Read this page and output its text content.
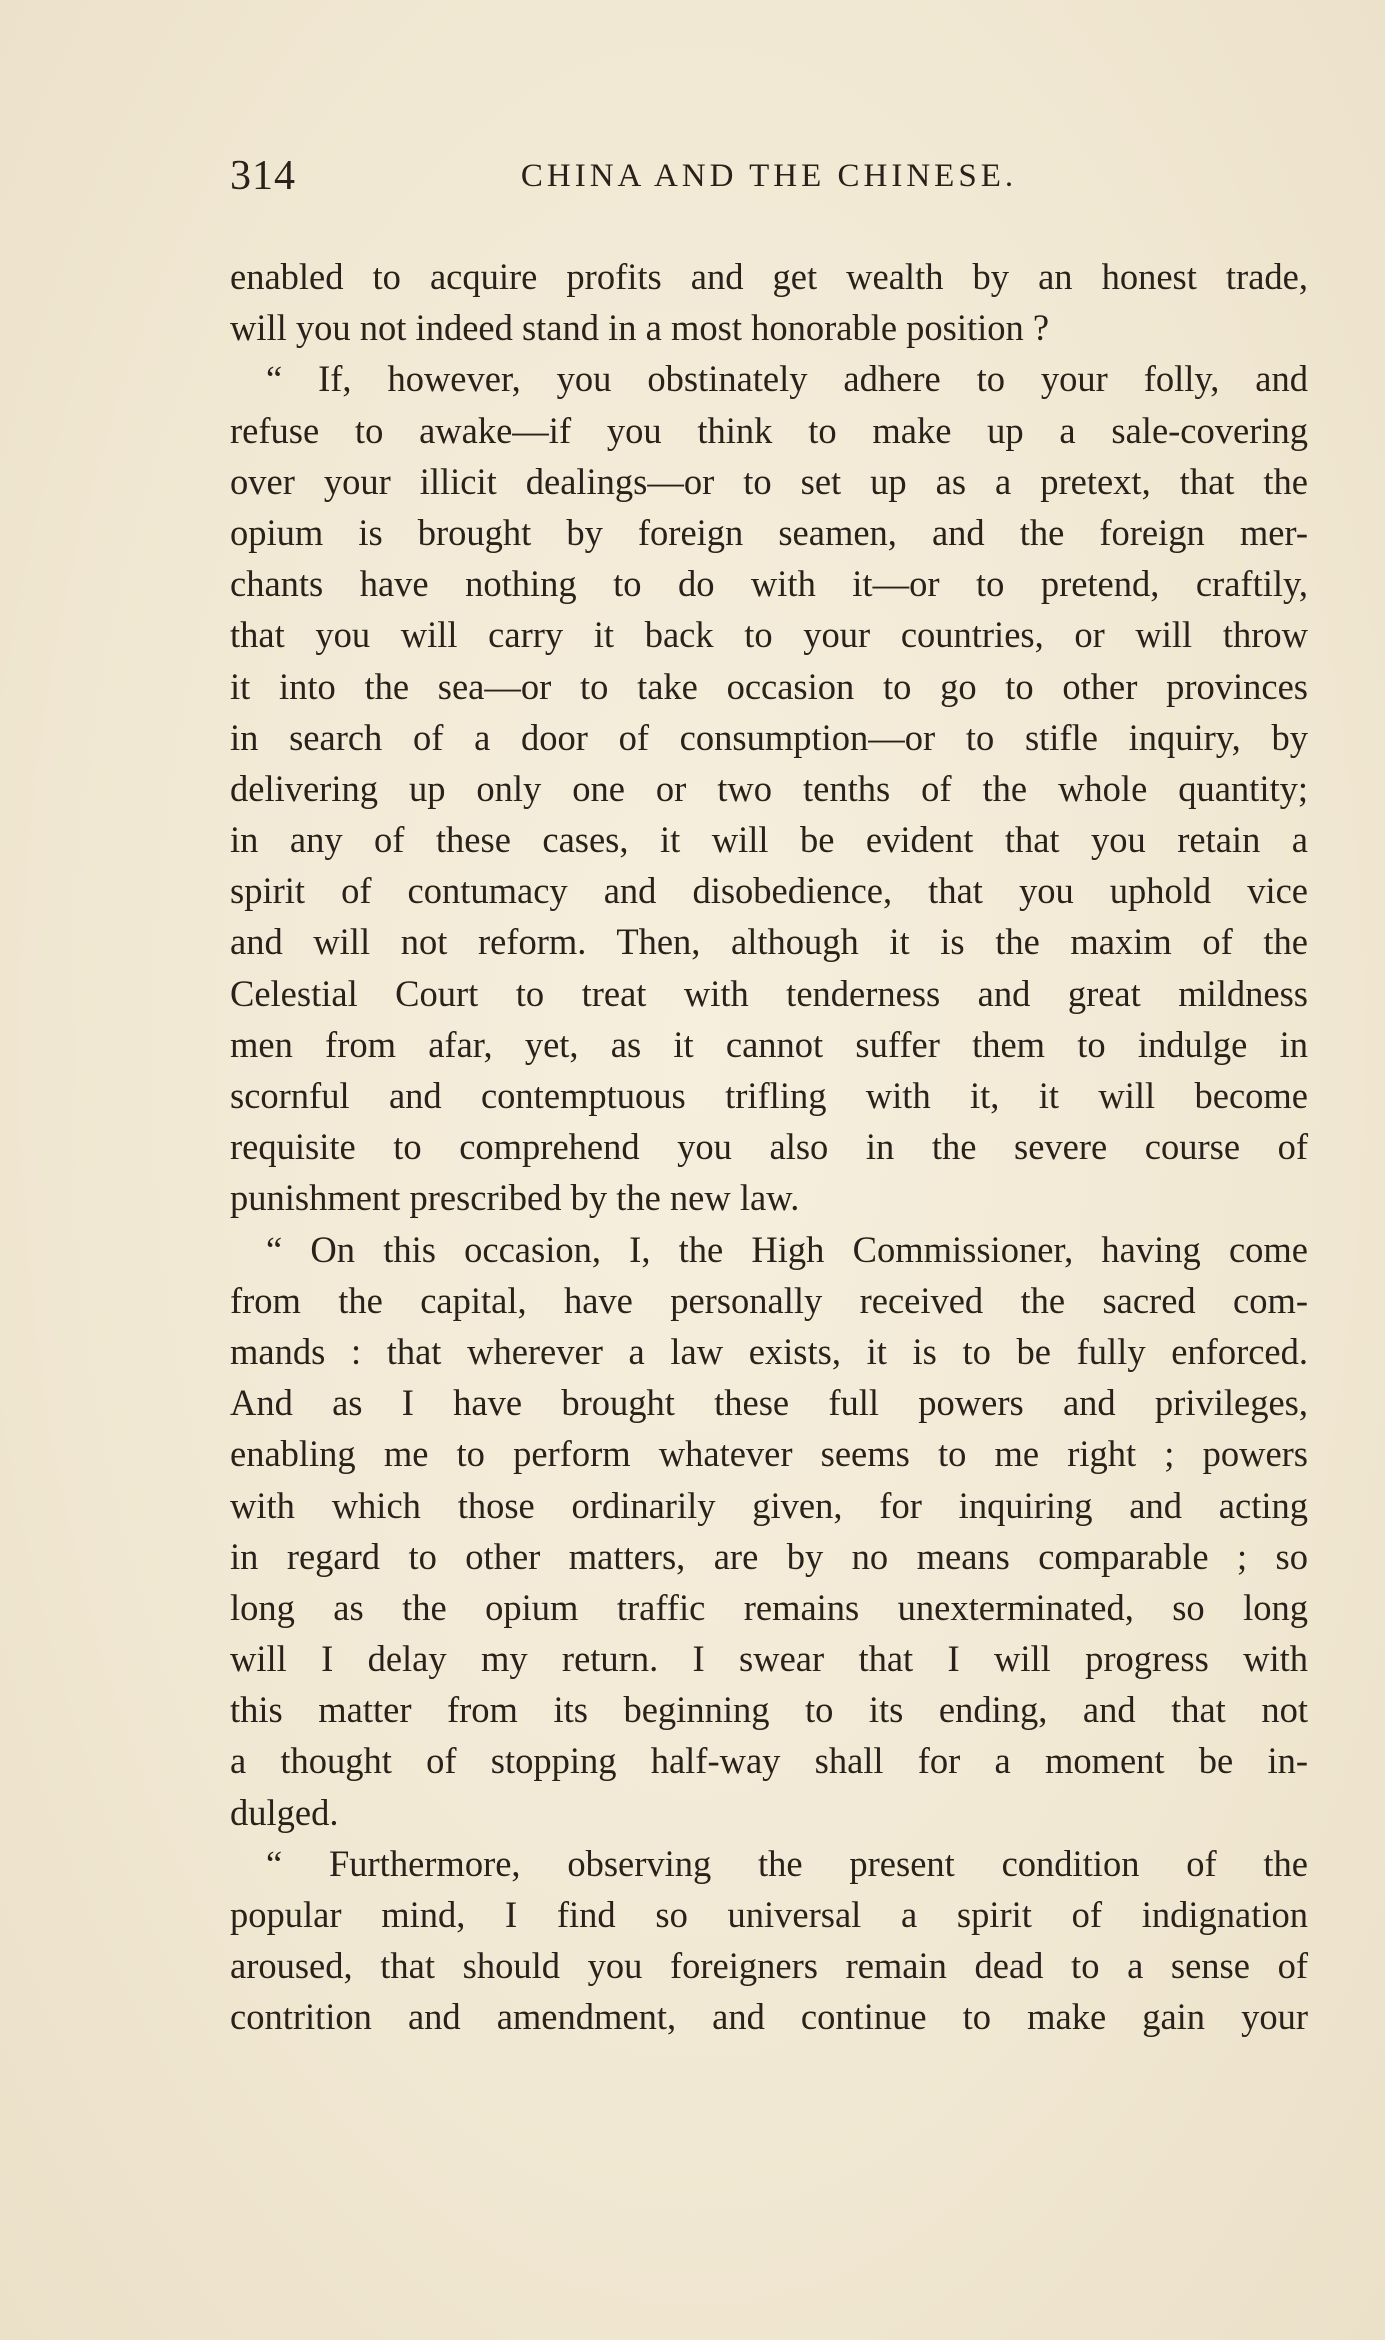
314	CHINA AND THE CHINESE.
enabled to acquire profits and get wealth by an honest trade,
will you not indeed stand in a most honorable position ?
“ If, however, you obstinately adhere to your folly, and
refuse to awake—if you think to make up a sale-covering
over your illicit dealings—or to set up as a pretext, that the
opium is brought by foreign seamen, and the foreign mer-
chants have nothing to do with it—or to pretend, craftily,
that you will carry it back to your countries, or will throw
it into the sea—or to take occasion to go to other provinces
in search of a door of consumption—or to stifle inquiry, by
delivering up only one or two tenths of the whole quantity;
in any of these cases, it will be evident that you retain a
spirit of contumacy and disobedience, that you uphold vice
and will not reform. Then, although it is the maxim of the
Celestial Court to treat with tenderness and great mildness
men from afar, yet, as it cannot suffer them to indulge in
scornful and contemptuous trifling with it, it will become
requisite to comprehend you also in the severe course of
punishment prescribed by the new law.
“ On this occasion, I, the High Commissioner, having come
from the capital, have personally received the sacred com-
mands : that wherever a law exists, it is to be fully enforced.
And as I have brought these full powers and privileges,
enabling me to perform whatever seems to me right ; powers
with which those ordinarily given, for inquiring and acting
in regard to other matters, are by no means comparable ; so
long as the opium traffic remains unexterminated, so long
will I delay my return. I swear that I will progress with
this matter from its beginning to its ending, and that not
a thought of stopping half-way shall for a moment be in-
dulged.
“ Furthermore, observing the present condition of the
popular mind, I find so universal a spirit of indignation
aroused, that should you foreigners remain dead to a sense of
contrition and amendment, and continue to make gain your
